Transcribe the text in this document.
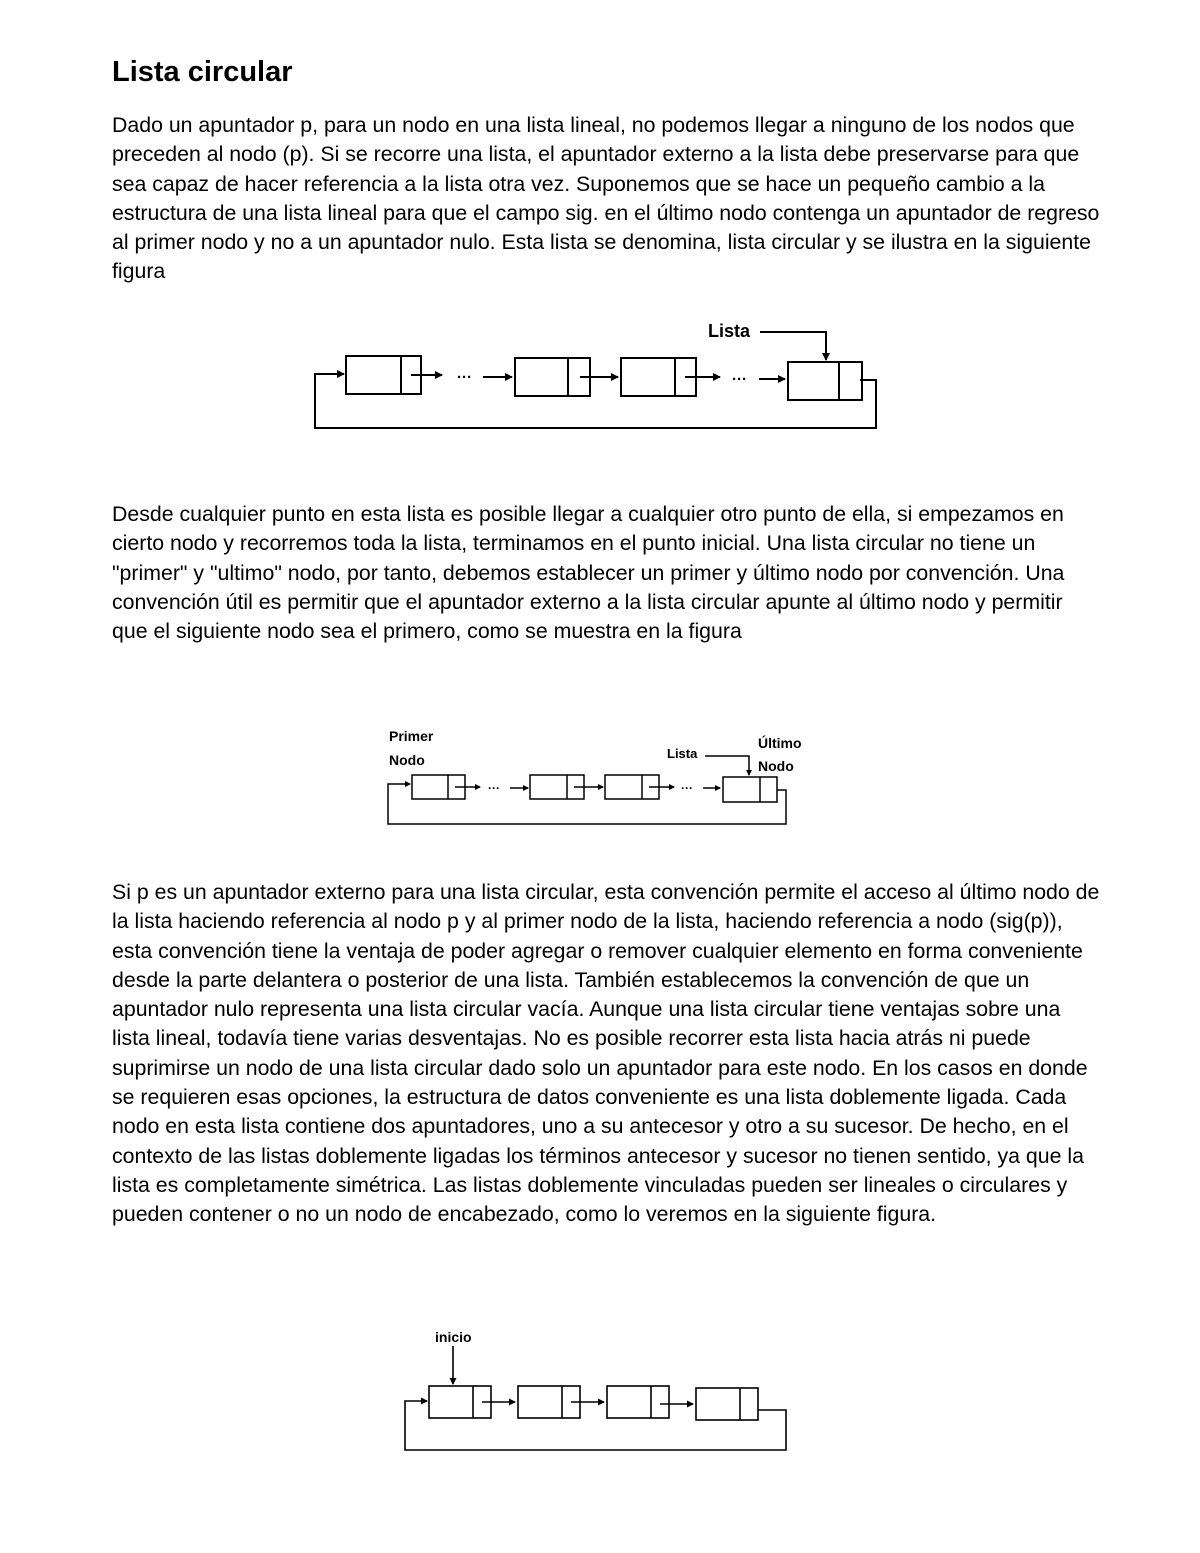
Lista circular

Dado un apuntador p, para un nodo en una lista lineal, no podemos llegar a ninguno de los nodos que preceden al nodo (p). Si se recorre una lista, el apuntador externo a la lista debe preservarse para que sea capaz de hacer referencia a la lista otra vez. Suponemos que se hace un pequeño cambio a la estructura de una lista lineal para que el campo sig. en el último nodo contenga un apuntador de regreso al primer nodo y no a un apuntador nulo. Esta lista se denomina, lista circular y se ilustra en la siguiente figura

Lista
···	···

Desde cualquier punto en esta lista es posible llegar a cualquier otro punto de ella, si empezamos en cierto nodo y recorremos toda la lista, terminamos en el punto inicial. Una lista circular no tiene un "primer" y "ultimo" nodo, por tanto, debemos establecer un primer y último nodo por convención. Una convención útil es permitir que el apuntador externo a la lista circular apunte al último nodo y permitir que el siguiente nodo sea el primero, como se muestra en la figura

Primer
Nodo	Lista
Último
Nodo
···	···

Si p es un apuntador externo para una lista circular, esta convención permite el acceso al último nodo de la lista haciendo referencia al nodo p y al primer nodo de la lista, haciendo referencia a nodo (sig(p)), esta convención tiene la ventaja de poder agregar o remover cualquier elemento en forma conveniente desde la parte delantera o posterior de una lista. También establecemos la convención de que un apuntador nulo representa una lista circular vacía. Aunque una lista circular tiene ventajas sobre una lista lineal, todavía tiene varias desventajas. No es posible recorrer esta lista hacia atrás ni puede suprimirse un nodo de una lista circular dado solo un apuntador para este nodo. En los casos en donde se requieren esas opciones, la estructura de datos conveniente es una lista doblemente ligada. Cada nodo en esta lista contiene dos apuntadores, uno a su antecesor y otro a su sucesor. De hecho, en el contexto de las listas doblemente ligadas los términos antecesor y sucesor no tienen sentido, ya que la lista es completamente simétrica. Las listas doblemente vinculadas pueden ser lineales o circulares y pueden contener o no un nodo de encabezado, como lo veremos en la siguiente figura.

inicio
